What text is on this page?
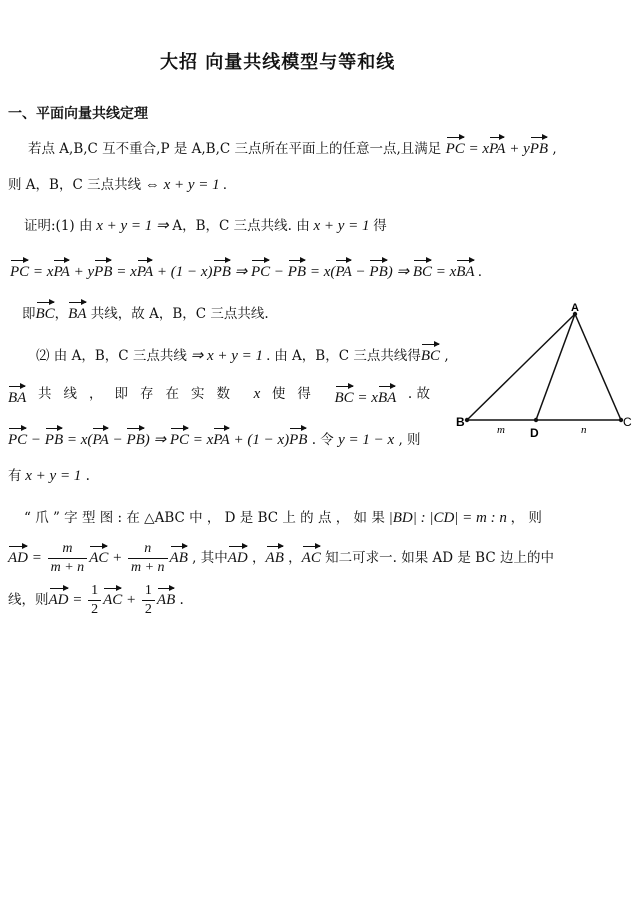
大招 向量共线模型与等和线
一、平面向量共线定理
若点 A,B,C 互不重合,P 是 A,B,C 三点所在平面上的任意一点,且满足 PC = xPA + yPB ,
则 A，B，C 三点共线 ⇔ x + y = 1 .
证明:(1) 由 x + y = 1 ⇒ A，B，C 三点共线. 由 x + y = 1 得
PC = xPA + yPB = xPA + (1 − x)PB ⇒ PC − PB = x(PA − PB) ⇒ BC = xBA .
即BC，BA 共线，故 A，B，C 三点共线.
⑵ 由 A，B，C 三点共线 ⇒ x + y = 1 . 由 A，B，C 三点共线得BC ,
BA 共线，即存在实数 x 使得 BC = xBA . 故
PC − PB = x(PA − PB) ⇒ PC = xPA + (1 − x)PB . 令 y = 1 − x , 则
有 x + y = 1 .
“ 爪 ” 字 型 图 : 在 △ABC 中 ， D 是 BC 上 的 点 ， 如 果 |BD| : |CD| = m : n ， 则
AD = $\frac{m}{m + n}$ AC + $\frac{n}{m + n}$ AB , 其中AD ，AB ，AC 知二可求一. 如果 AD 是 BC 边上的中
线，则AD = $\frac{1}{2}$ AC + $\frac{1}{2}$ AB .
A
B	C
D
m	n
